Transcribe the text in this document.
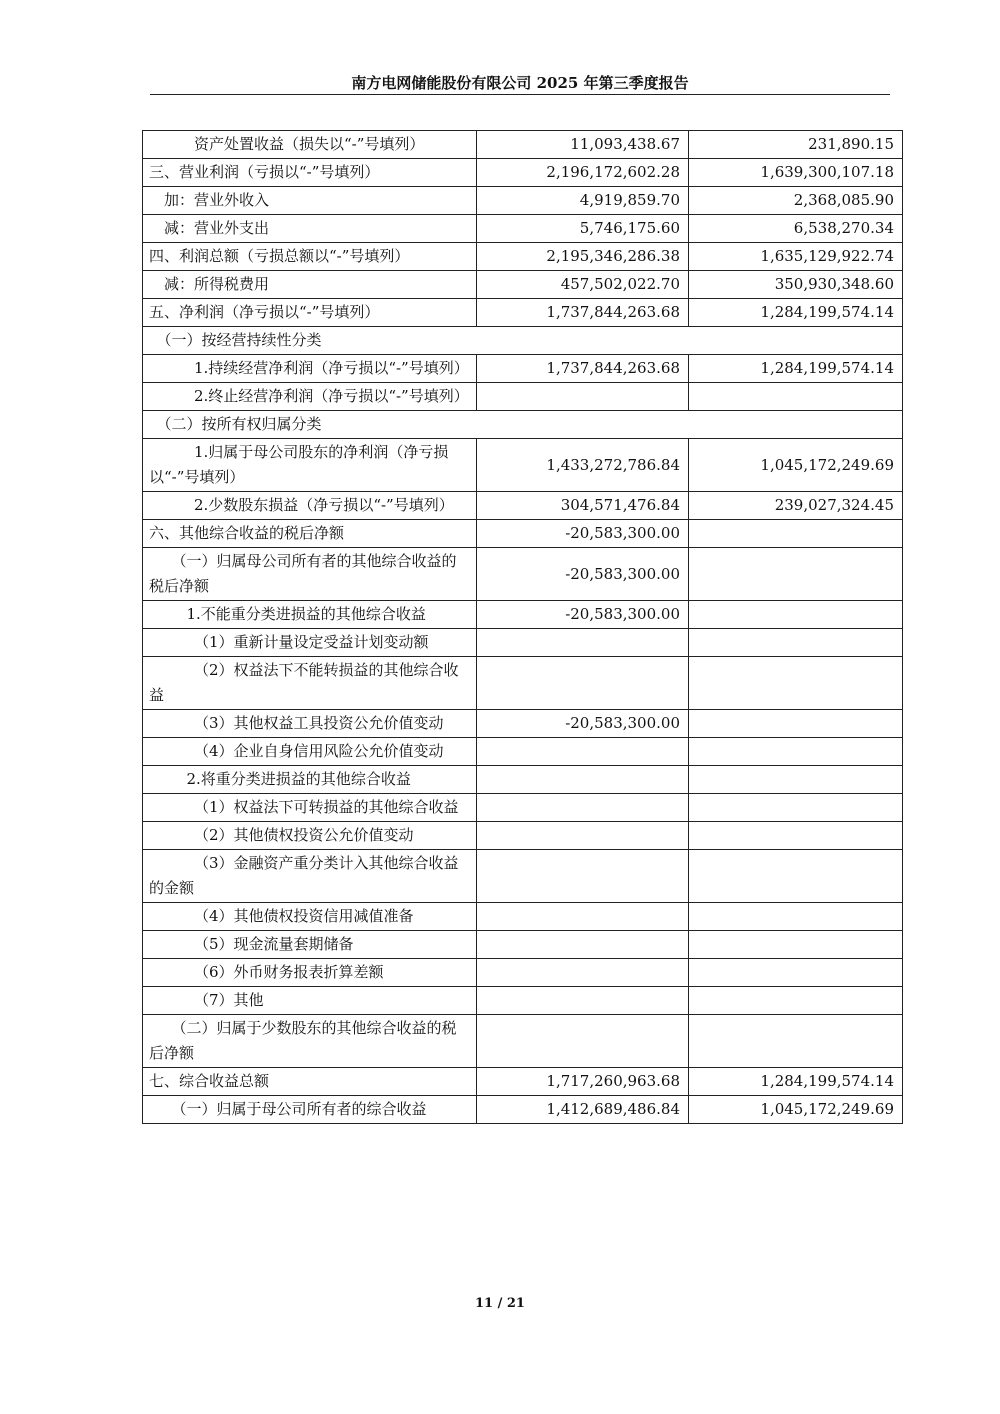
南方电网储能股份有限公司 2025 年第三季度报告
资产处置收益（损失以“-”号填列）	11,093,438.67	231,890.15
三、营业利润（亏损以“-”号填列）	2,196,172,602.28	1,639,300,107.18
加：营业外收入	4,919,859.70	2,368,085.90
减：营业外支出	5,746,175.60	6,538,270.34
四、利润总额（亏损总额以“-”号填列）	2,195,346,286.38	1,635,129,922.74
减：所得税费用	457,502,022.70	350,930,348.60
五、净利润（净亏损以“-”号填列）	1,737,844,263.68	1,284,199,574.14
（一）按经营持续性分类		
1.持续经营净利润（净亏损以“-”号填列）	1,737,844,263.68	1,284,199,574.14
2.终止经营净利润（净亏损以“-”号填列）		
（二）按所有权归属分类		
1.归属于母公司股东的净利润（净亏损以“-”号填列）	1,433,272,786.84	1,045,172,249.69
2.少数股东损益（净亏损以“-”号填列）	304,571,476.84	239,027,324.45
六、其他综合收益的税后净额	-20,583,300.00	
（一）归属母公司所有者的其他综合收益的税后净额	-20,583,300.00	
1.不能重分类进损益的其他综合收益	-20,583,300.00	
（1）重新计量设定受益计划变动额		
（2）权益法下不能转损益的其他综合收益		
（3）其他权益工具投资公允价值变动	-20,583,300.00	
（4）企业自身信用风险公允价值变动		
2.将重分类进损益的其他综合收益		
（1）权益法下可转损益的其他综合收益		
（2）其他债权投资公允价值变动		
（3）金融资产重分类计入其他综合收益的金额		
（4）其他债权投资信用减值准备		
（5）现金流量套期储备		
（6）外币财务报表折算差额		
（7）其他		
（二）归属于少数股东的其他综合收益的税后净额		
七、综合收益总额	1,717,260,963.68	1,284,199,574.14
（一）归属于母公司所有者的综合收益	1,412,689,486.84	1,045,172,249.69
11 / 21
